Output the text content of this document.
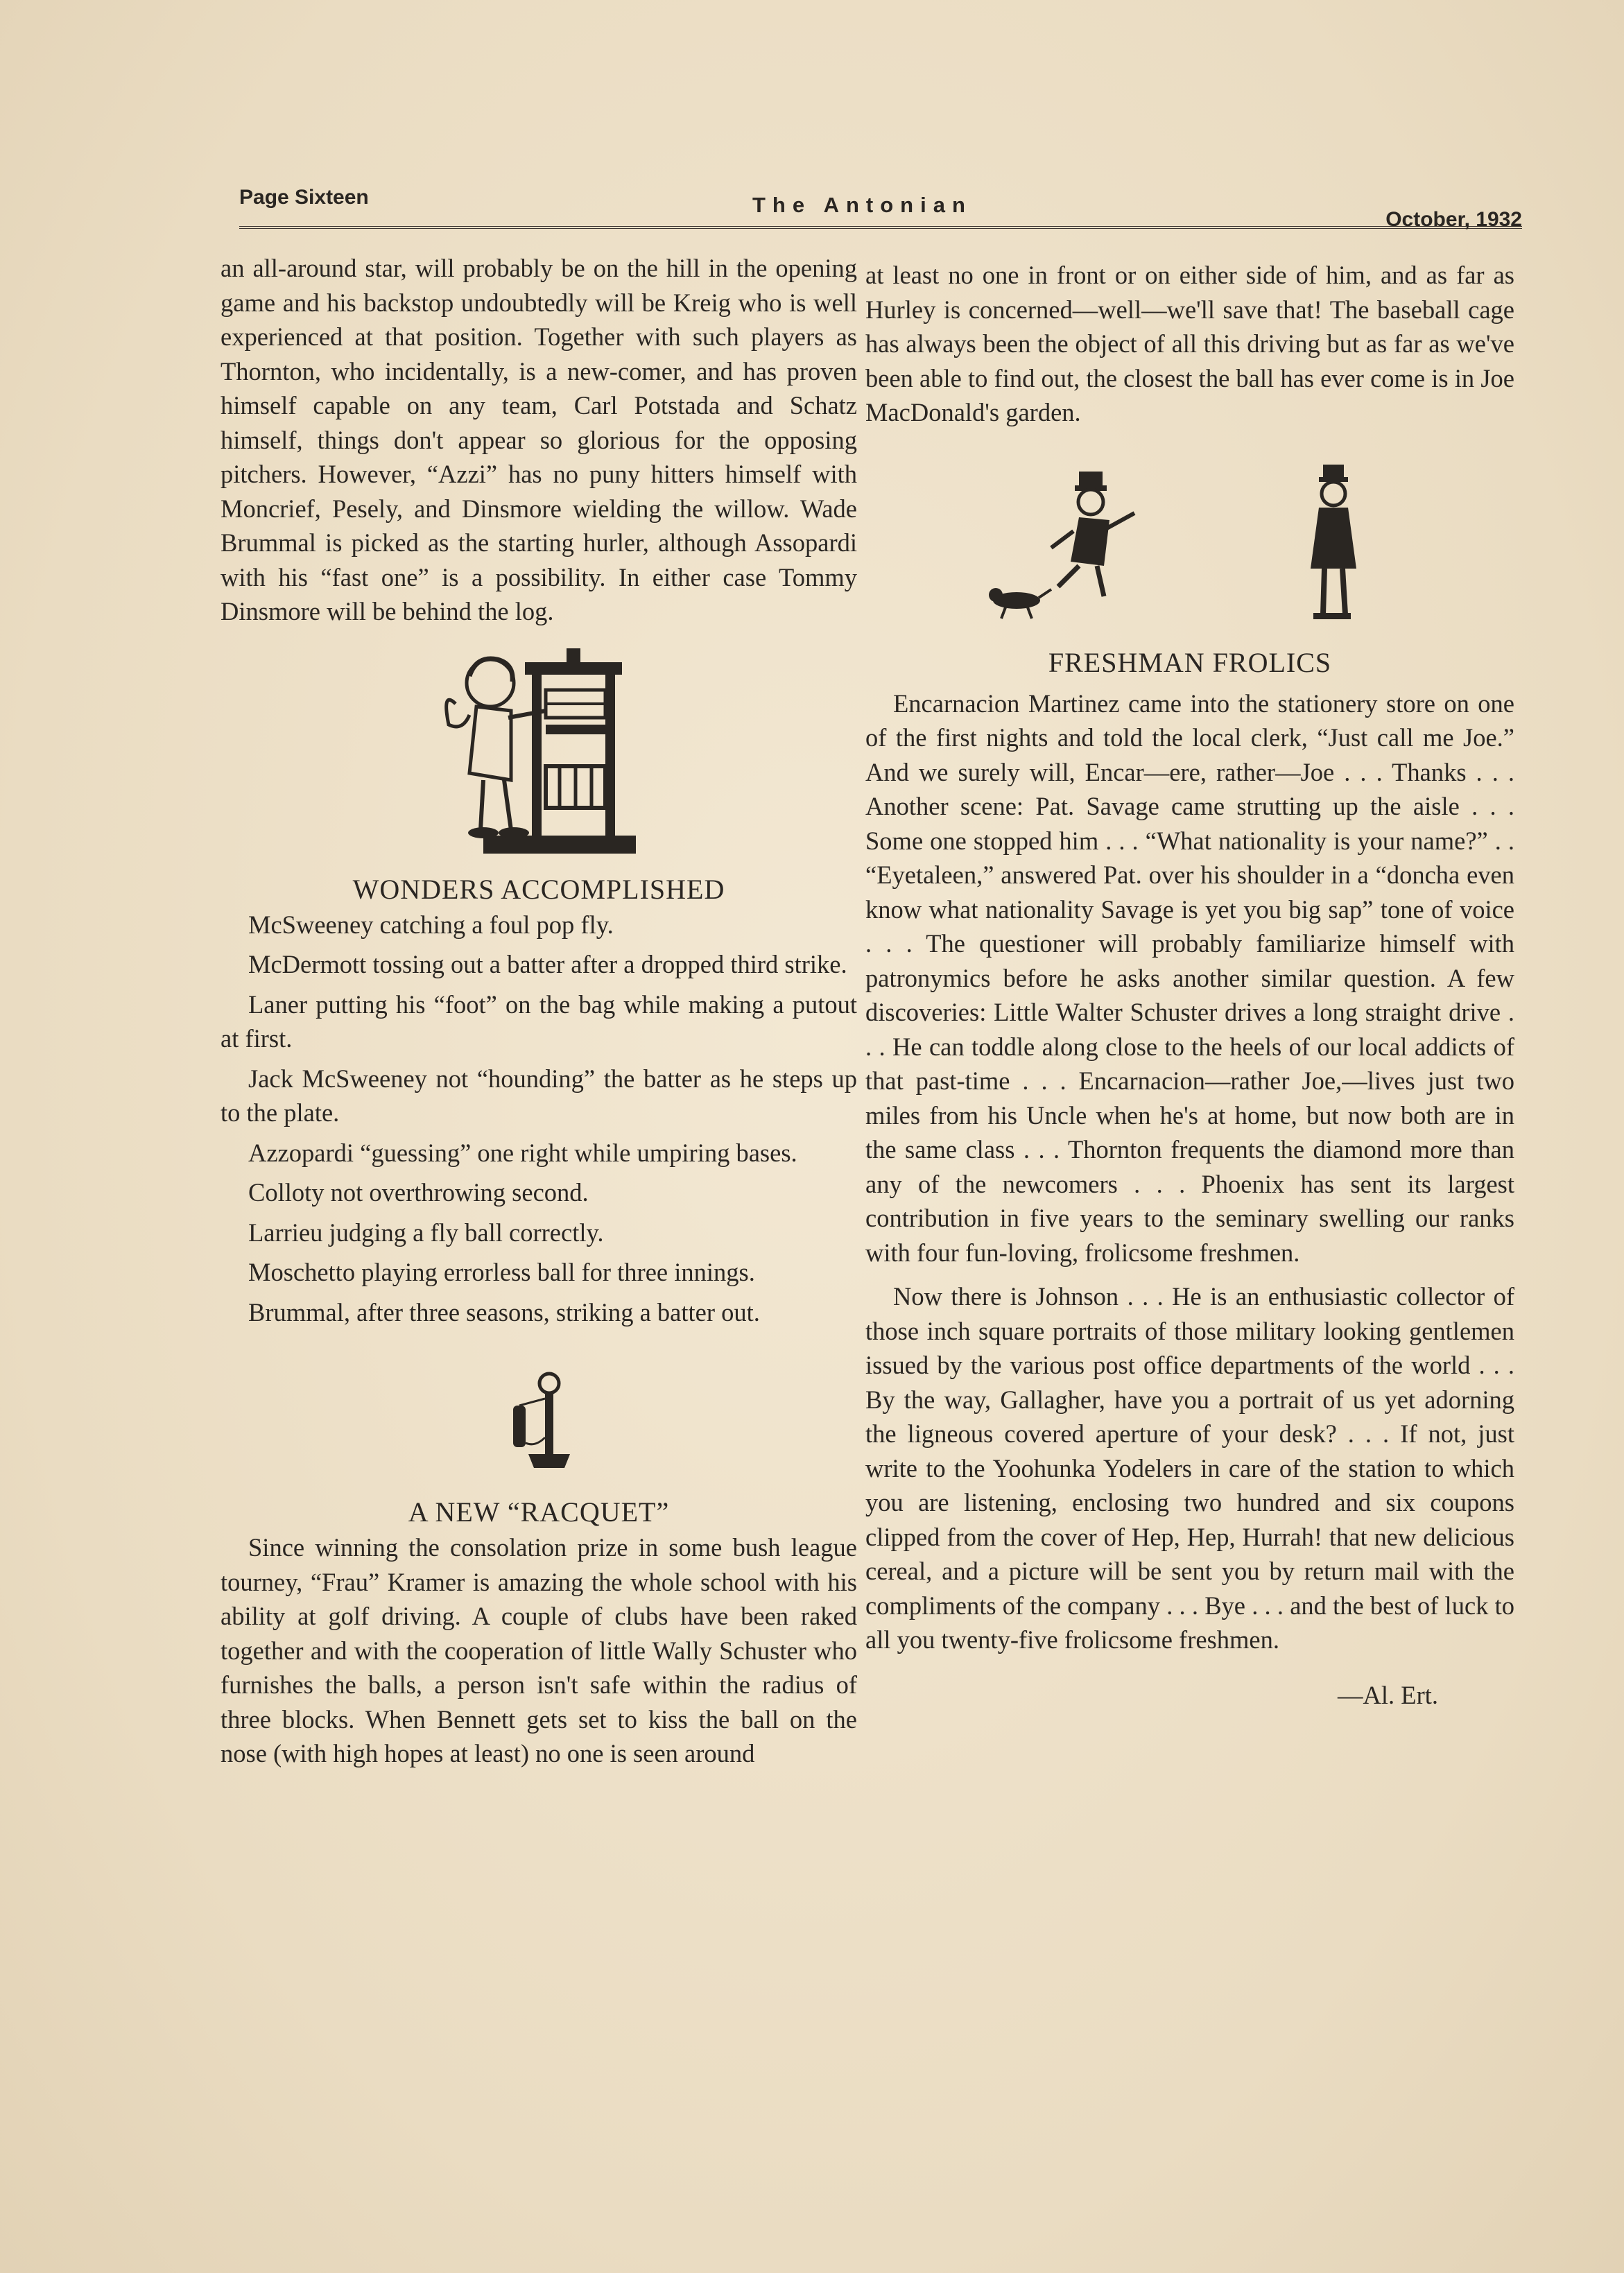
Page Sixteen	The Antonian
October, 1932

an all-around star, will probably be on the hill in the opening game and his backstop undoubtedly will be Kreig who is well experienced at that position. Together with such players as Thornton, who incidentally, is a new-comer, and has proven himself capable on any team, Carl Potstada and Schatz himself, things don't appear so glorious for the opposing pitchers. However, “Azzi” has no puny hitters himself with Moncrief, Pesely, and Dinsmore wielding the willow. Wade Brummal is picked as the starting hurler, although Assopardi with his “fast one” is a possibility. In either case Tommy Dinsmore will be behind the log.

WONDERS ACCOMPLISHED

McSweeney catching a foul pop fly.

McDermott tossing out a batter after a dropped third strike.

Laner putting his “foot” on the bag while making a putout at first.

Jack McSweeney not “hounding” the batter as he steps up to the plate.

Azzopardi “guessing” one right while umpiring bases.

Colloty not overthrowing second.

Larrieu judging a fly ball correctly.

Moschetto playing errorless ball for three innings.

Brummal, after three seasons, striking a batter out.

A NEW “RACQUET”

Since winning the consolation prize in some bush league tourney, “Frau” Kramer is amazing the whole school with his ability at golf driving. A couple of clubs have been raked together and with the cooperation of little Wally Schuster who furnishes the balls, a person isn't safe within the radius of three blocks. When Bennett gets set to kiss the ball on the nose (with high hopes at least) no one is seen around

at least no one in front or on either side of him, and as far as Hurley is concerned—well—we'll save that! The baseball cage has always been the object of all this driving but as far as we've been able to find out, the closest the ball has ever come is in Joe MacDonald's garden.

FRESHMAN FROLICS

Encarnacion Martinez came into the stationery store on one of the first nights and told the local clerk, “Just call me Joe.” And we surely will, Encar—ere, rather—Joe . . . Thanks . . . Another scene: Pat. Savage came strutting up the aisle . . . Some one stopped him . . . “What nationality is your name?” . . “Eyetaleen,” answered Pat. over his shoulder in a “doncha even know what nationality Savage is yet you big sap” tone of voice . . . The questioner will probably familiarize himself with patronymics before he asks another similar question. A few discoveries: Little Walter Schuster drives a long straight drive . . . He can toddle along close to the heels of our local addicts of that past-time . . . Encarnacion—rather Joe,—lives just two miles from his Uncle when he's at home, but now both are in the same class . . . Thornton frequents the diamond more than any of the newcomers . . . Phoenix has sent its largest contribution in five years to the seminary swelling our ranks with four fun-loving, frolicsome freshmen.

Now there is Johnson . . . He is an enthusiastic collector of those inch square portraits of those military looking gentlemen issued by the various post office departments of the world . . . By the way, Gallagher, have you a portrait of us yet adorning the ligneous covered aperture of your desk? . . . If not, just write to the Yoohunka Yodelers in care of the station to which you are listening, enclosing two hundred and six coupons clipped from the cover of Hep, Hep, Hurrah! that new delicious cereal, and a picture will be sent you by return mail with the compliments of the company . . . Bye . . . and the best of luck to all you twenty-five frolicsome freshmen.

—Al. Ert.
